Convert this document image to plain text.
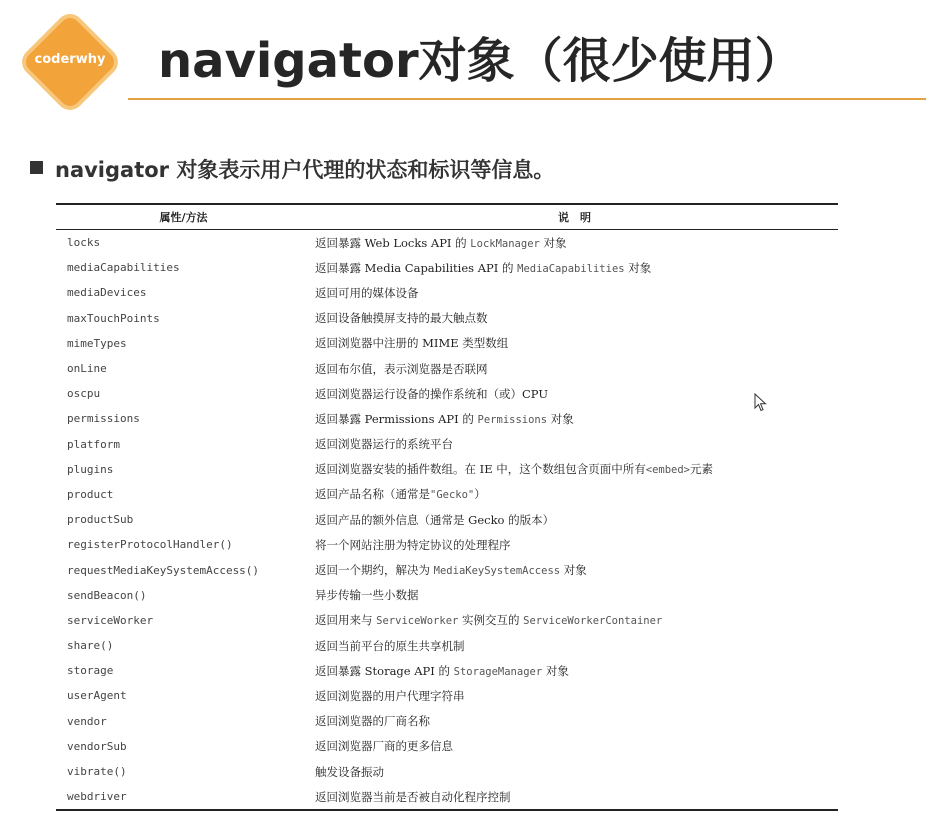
coderwhy navigator对象（很少使用）
navigator 对象表示用户代理的状态和标识等信息。
属性/方法	说　明
locks	返回暴露 Web Locks API 的 LockManager 对象
mediaCapabilities	返回暴露 Media Capabilities API 的 MediaCapabilities 对象
mediaDevices	返回可用的媒体设备
maxTouchPoints	返回设备触摸屏支持的最大触点数
mimeTypes	返回浏览器中注册的 MIME 类型数组
onLine	返回布尔值，表示浏览器是否联网
oscpu	返回浏览器运行设备的操作系统和（或）CPU
permissions	返回暴露 Permissions API 的 Permissions 对象
platform	返回浏览器运行的系统平台
plugins	返回浏览器安装的插件数组。在 IE 中，这个数组包含页面中所有<embed>元素
product	返回产品名称（通常是"Gecko"）
productSub	返回产品的额外信息（通常是 Gecko 的版本）
registerProtocolHandler()	将一个网站注册为特定协议的处理程序
requestMediaKeySystemAccess()	返回一个期约，解决为 MediaKeySystemAccess 对象
sendBeacon()	异步传输一些小数据
serviceWorker	返回用来与 ServiceWorker 实例交互的 ServiceWorkerContainer
share()	返回当前平台的原生共享机制
storage	返回暴露 Storage API 的 StorageManager 对象
userAgent	返回浏览器的用户代理字符串
vendor	返回浏览器的厂商名称
vendorSub	返回浏览器厂商的更多信息
vibrate()	触发设备振动
webdriver	返回浏览器当前是否被自动化程序控制
